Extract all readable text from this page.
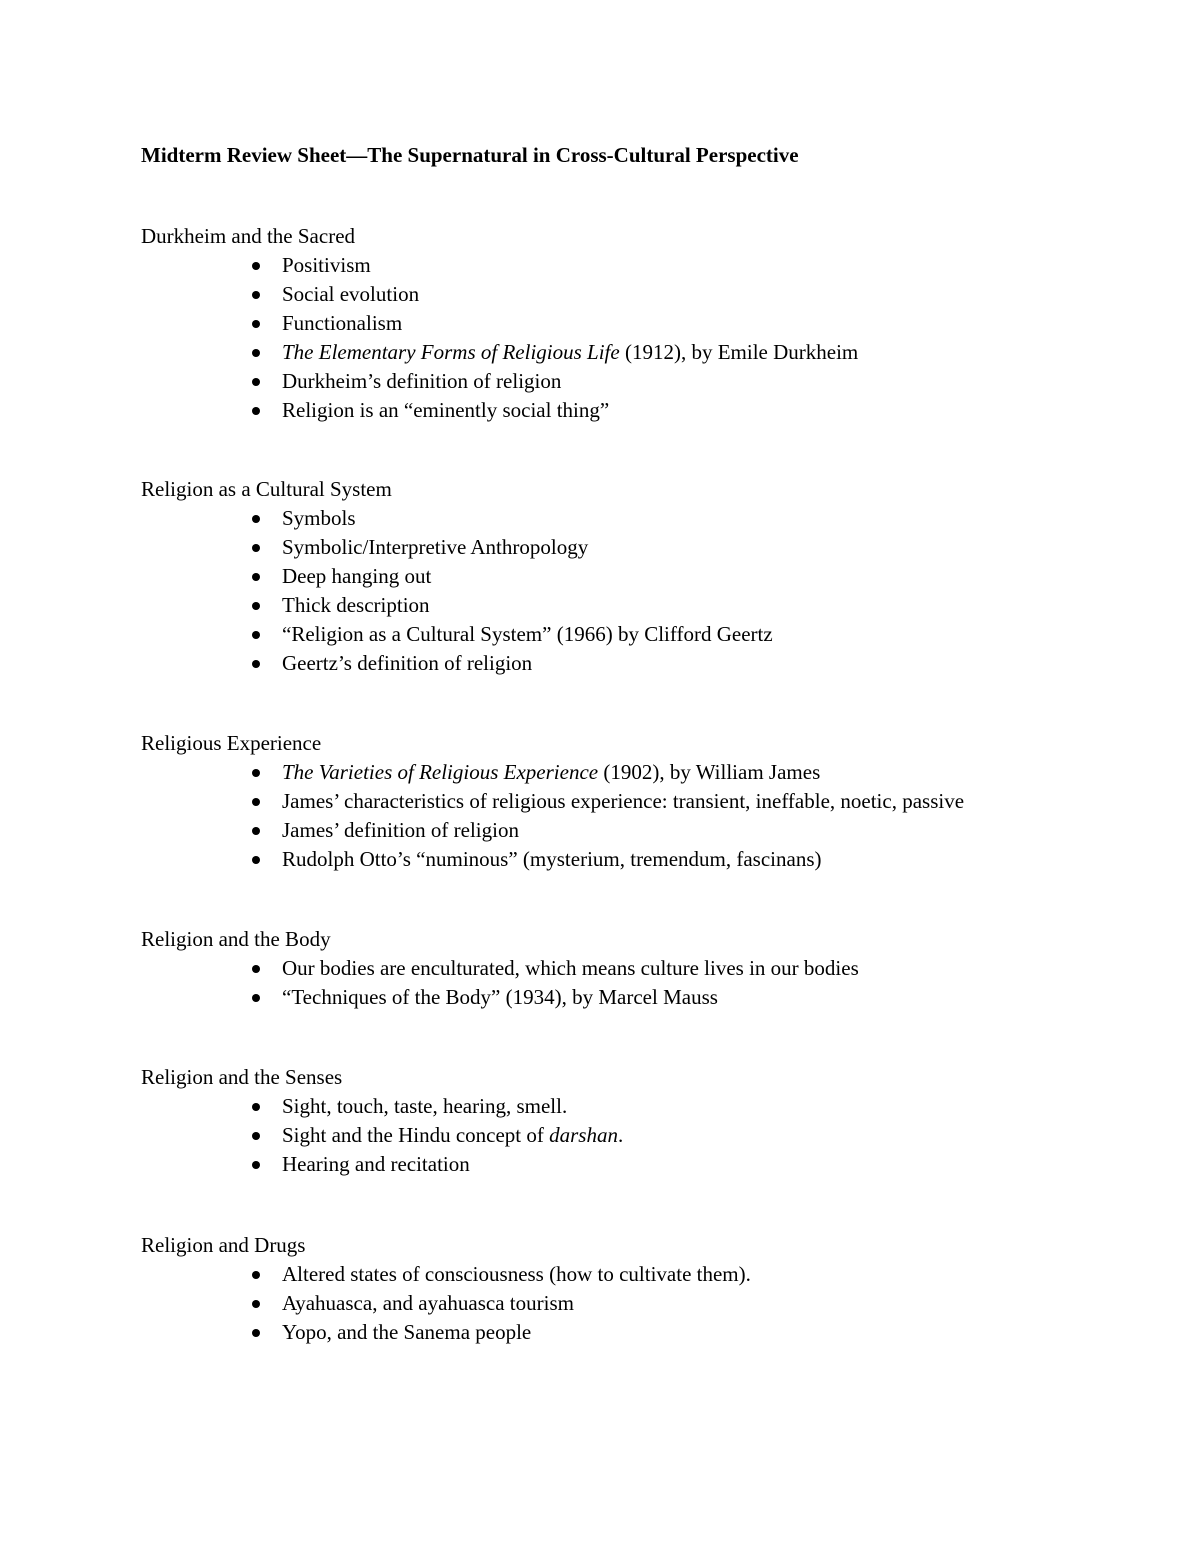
Midterm Review Sheet—The Supernatural in Cross-Cultural Perspective
Durkheim and the Sacred
Positivism
Social evolution
Functionalism
The Elementary Forms of Religious Life (1912), by Emile Durkheim
Durkheim’s definition of religion
Religion is an “eminently social thing”
Religion as a Cultural System
Symbols
Symbolic/Interpretive Anthropology
Deep hanging out
Thick description
“Religion as a Cultural System” (1966) by Clifford Geertz
Geertz’s definition of religion
Religious Experience
The Varieties of Religious Experience (1902), by William James
James’ characteristics of religious experience: transient, ineffable, noetic, passive
James’ definition of religion
Rudolph Otto’s “numinous” (mysterium, tremendum, fascinans)
Religion and the Body
Our bodies are enculturated, which means culture lives in our bodies
“Techniques of the Body” (1934), by Marcel Mauss
Religion and the Senses
Sight, touch, taste, hearing, smell.
Sight and the Hindu concept of darshan.
Hearing and recitation
Religion and Drugs
Altered states of consciousness (how to cultivate them).
Ayahuasca, and ayahuasca tourism
Yopo, and the Sanema people
